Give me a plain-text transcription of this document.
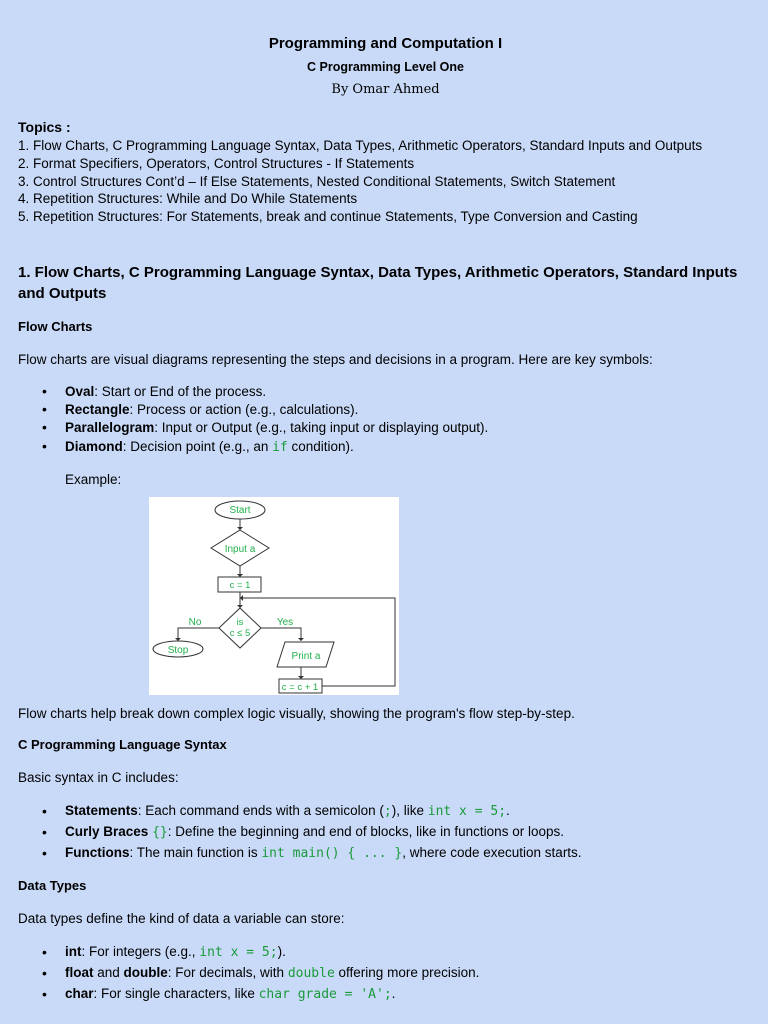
Programming and Computation I
C Programming Level One
By Omar Ahmed
Topics :
1. Flow Charts, C Programming Language Syntax, Data Types, Arithmetic Operators, Standard Inputs and Outputs
2. Format Specifiers, Operators, Control Structures - If Statements
3. Control Structures Cont’d – If Else Statements, Nested Conditional Statements, Switch Statement
4. Repetition Structures: While and Do While Statements
5. Repetition Structures: For Statements, break and continue Statements, Type Conversion and Casting
1. Flow Charts, C Programming Language Syntax, Data Types, Arithmetic Operators, Standard Inputs and Outputs
Flow Charts
Flow charts are visual diagrams representing the steps and decisions in a program. Here are key symbols:
• Oval: Start or End of the process.
• Rectangle: Process or action (e.g., calculations).
• Parallelogram: Input or Output (e.g., taking input or displaying output).
• Diamond: Decision point (e.g., an if condition).
Example:
Start
Input a
c = 1
is
c ≤ 5
No	Yes
Stop
Print a
c = c + 1
Flow charts help break down complex logic visually, showing the program's flow step-by-step.
C Programming Language Syntax
Basic syntax in C includes:
• Statements: Each command ends with a semicolon (;), like int x = 5;.
• Curly Braces {}: Define the beginning and end of blocks, like in functions or loops.
• Functions: The main function is int main() { ... }, where code execution starts.
Data Types
Data types define the kind of data a variable can store:
• int: For integers (e.g., int x = 5;).
• float and double: For decimals, with double offering more precision.
• char: For single characters, like char grade = 'A';.
